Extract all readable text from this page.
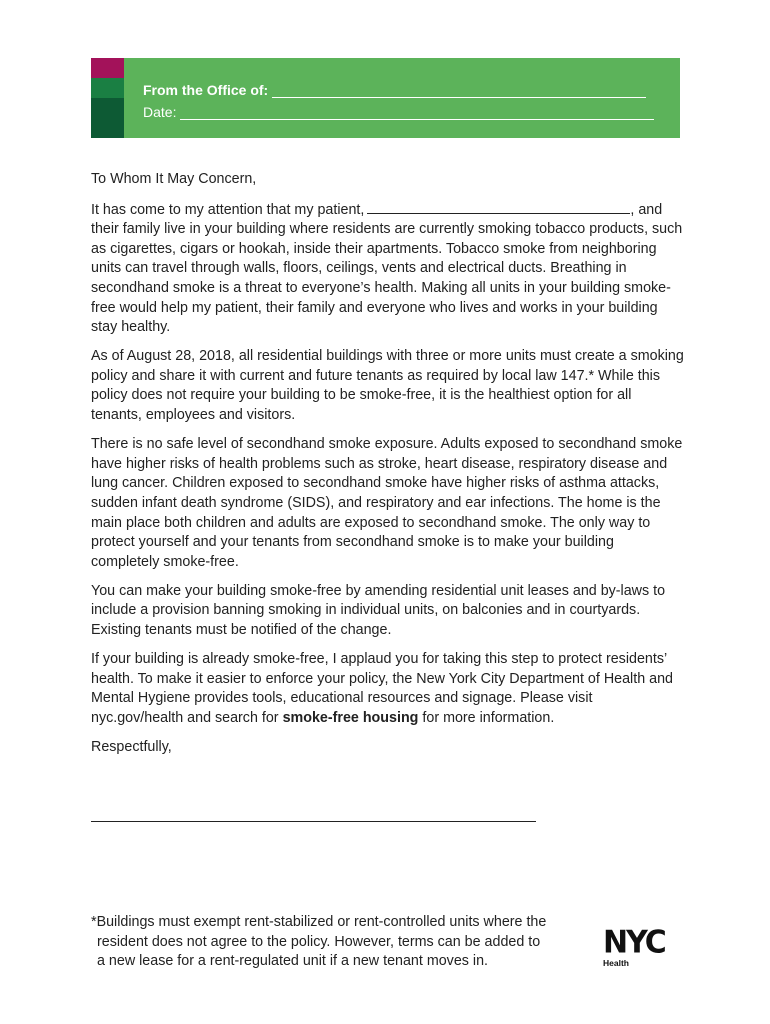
From the Office of:
Date:

To Whom It May Concern,

It has come to my attention that my patient,	, and their family live in your building where residents are currently smoking tobacco products, such as cigarettes, cigars or hookah, inside their apartments. Tobacco smoke from neighboring units can travel through walls, floors, ceilings, vents and electrical ducts. Breathing in secondhand smoke is a threat to everyone’s health. Making all units in your building smoke-free would help my patient, their family and everyone who lives and works in your building stay healthy.

As of August 28, 2018, all residential buildings with three or more units must create a smoking policy and share it with current and future tenants as required by local law 147.* While this policy does not require your building to be smoke-free, it is the healthiest option for all tenants, employees and visitors.

There is no safe level of secondhand smoke exposure. Adults exposed to secondhand smoke have higher risks of health problems such as stroke, heart disease, respiratory disease and lung cancer. Children exposed to secondhand smoke have higher risks of asthma attacks, sudden infant death syndrome (SIDS), and respiratory and ear infections. The home is the main place both children and adults are exposed to secondhand smoke. The only way to protect yourself and your tenants from secondhand smoke is to make your building completely smoke-free.

You can make your building smoke-free by amending residential unit leases and by-laws to include a provision banning smoking in individual units, on balconies and in courtyards. Existing tenants must be notified of the change.

If your building is already smoke-free, I applaud you for taking this step to protect residents’ health. To make it easier to enforce your policy, the New York City Department of Health and Mental Hygiene provides tools, educational resources and signage. Please visit nyc.gov/health and search for smoke-free housing for more information.

Respectfully,

*Buildings must exempt rent-stabilized or rent-controlled units where the
resident does not agree to the policy. However, terms can be added to
a new lease for a rent-regulated unit if a new tenant moves in.
NYC
Health
